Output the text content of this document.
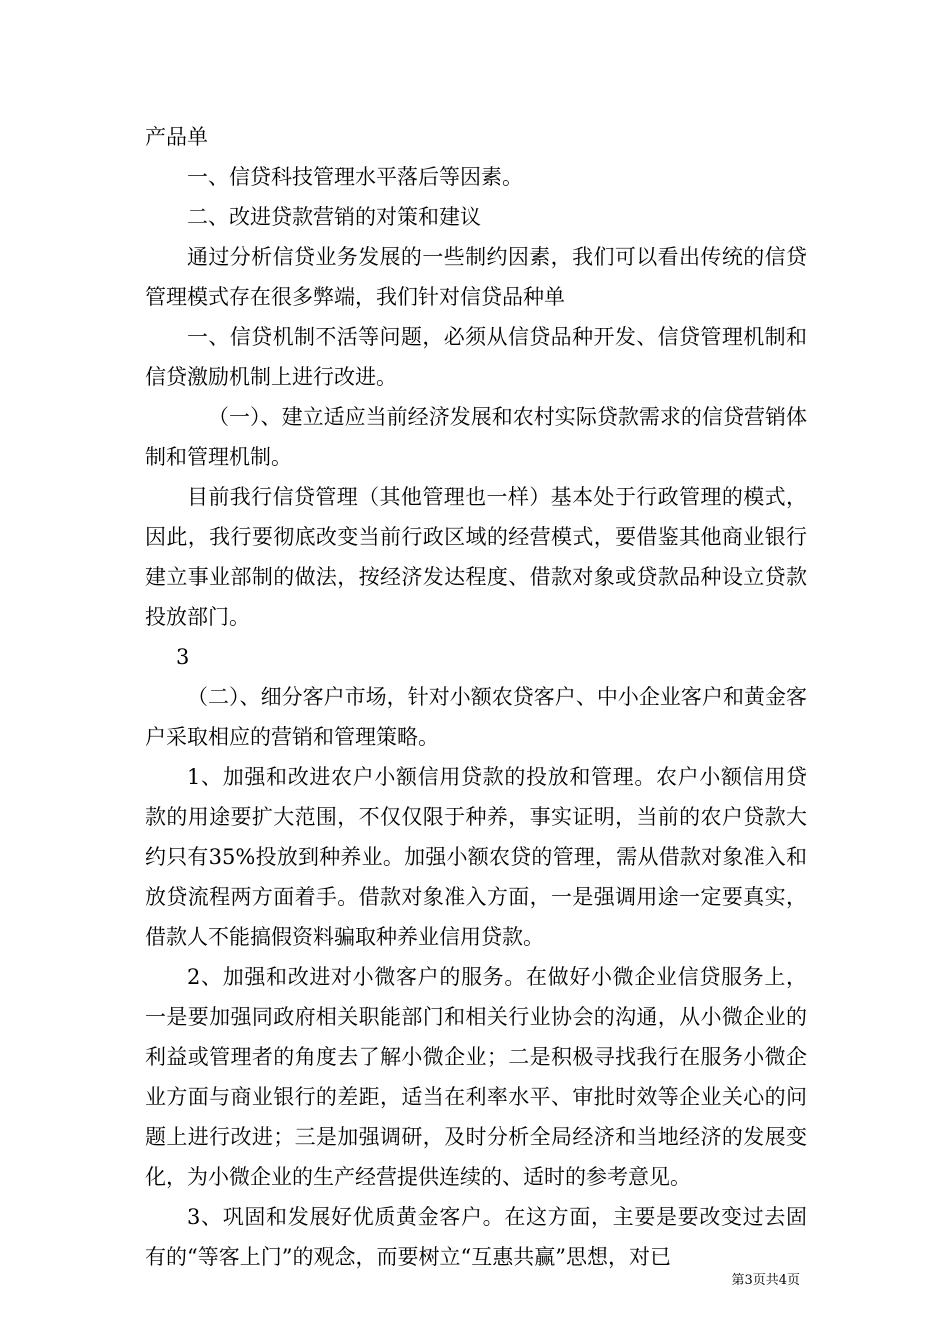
产品单

一、信贷科技管理水平落后等因素。

二、改进贷款营销的对策和建议

通过分析信贷业务发展的一些制约因素，我们可以看出传统的信贷管理模式存在很多弊端，我们针对信贷品种单

一、信贷机制不活等问题，必须从信贷品种开发、信贷管理机制和信贷激励机制上进行改进。

（一）、建立适应当前经济发展和农村实际贷款需求的信贷营销体制和管理机制。

目前我行信贷管理（其他管理也一样）基本处于行政管理的模式，因此，我行要彻底改变当前行政区域的经营模式，要借鉴其他商业银行建立事业部制的做法，按经济发达程度、借款对象或贷款品种设立贷款投放部门。

3

（二）、细分客户市场，针对小额农贷客户、中小企业客户和黄金客户采取相应的营销和管理策略。

1、加强和改进农户小额信用贷款的投放和管理。农户小额信用贷款的用途要扩大范围，不仅仅限于种养，事实证明，当前的农户贷款大约只有35%投放到种养业。加强小额农贷的管理，需从借款对象准入和放贷流程两方面着手。借款对象准入方面，一是强调用途一定要真实，借款人不能搞假资料骗取种养业信用贷款。

2、加强和改进对小微客户的服务。在做好小微企业信贷服务上，一是要加强同政府相关职能部门和相关行业协会的沟通，从小微企业的利益或管理者的角度去了解小微企业；二是积极寻找我行在服务小微企业方面与商业银行的差距，适当在利率水平、审批时效等企业关心的问题上进行改进；三是加强调研，及时分析全局经济和当地经济的发展变化，为小微企业的生产经营提供连续的、适时的参考意见。

3、巩固和发展好优质黄金客户。在这方面，主要是要改变过去固有的“等客上门”的观念，而要树立“互惠共赢”思想，对已

第3页共4页
